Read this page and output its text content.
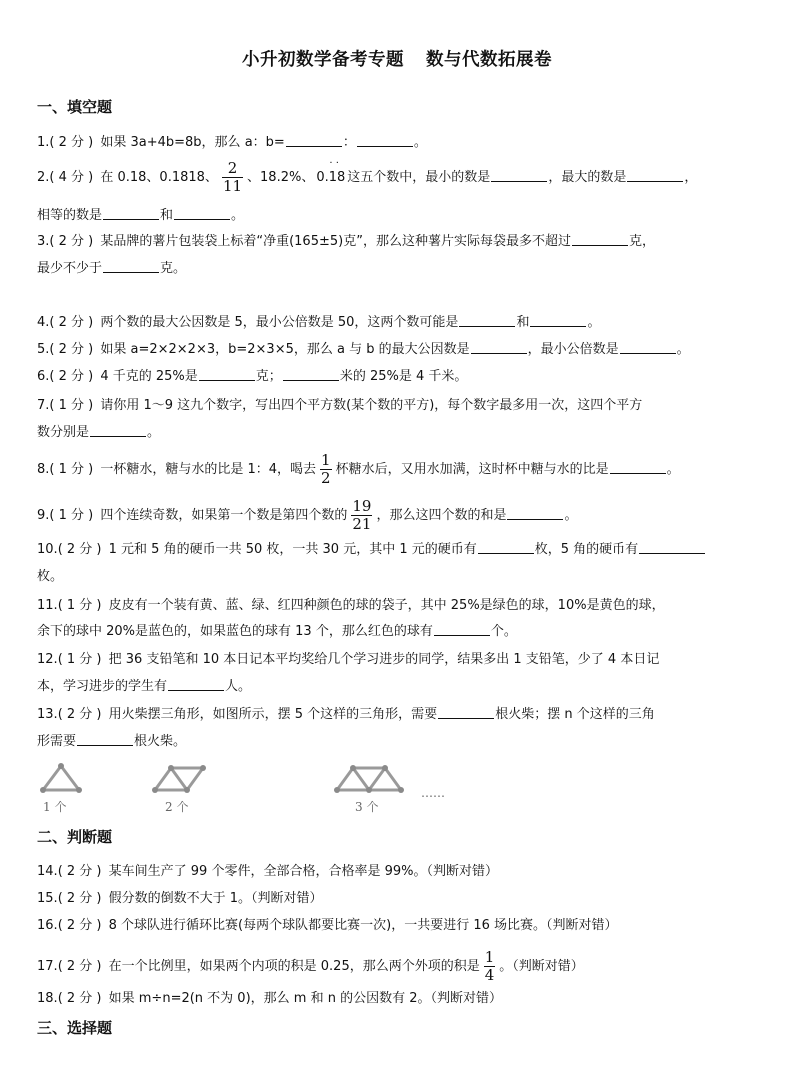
小升初数学备考专题 数与代数拓展卷
一、填空题
1.( 2 分 ) 如果 3a+4b=8b，那么 a：b=	：	。
2.( 4 分 ) 在 0.18、0.1818、 $\frac{2}{11}$ 、18.2%、 0.18
· ·
这五个数中，最小的数是	，最大的数是	，
相等的数是	和	。
3.( 2 分 ) 某品牌的薯片包装袋上标着“净重(165±5)克”，那么这种薯片实际每袋最多不超过	克，
最少不少于	克。
4.( 2 分 ) 两个数的最大公因数是 5，最小公倍数是 50，这两个数可能是	和	。
5.( 2 分 ) 如果 a=2×2×2×3，b=2×3×5，那么 a 与 b 的最大公因数是	，最小公倍数是	。
6.( 2 分 ) 4 千克的 25%是	克；	米的 25%是 4 千米。
7.( 1 分 ) 请你用 1～9 这九个数字，写出四个平方数(某个数的平方)，每个数字最多用一次，这四个平方
数分别是	。
8.( 1 分 ) 一杯糖水，糖与水的比是 1：4，喝去 $\frac{1}{2}$ 杯糖水后，又用水加满，这时杯中糖与水的比是	。
9.( 1 分 ) 四个连续奇数，如果第一个数是第四个数的 $\frac{19}{21}$ ，那么这四个数的和是	。
10.( 2 分 ) 1 元和 5 角的硬币一共 50 枚，一共 30 元，其中 1 元的硬币有	枚，5 角的硬币有
枚。
11.( 1 分 ) 皮皮有一个装有黄、蓝、绿、红四种颜色的球的袋子，其中 25%是绿色的球，10%是黄色的球，
余下的球中 20%是蓝色的，如果蓝色的球有 13 个，那么红色的球有	个。
12.( 1 分 ) 把 36 支铅笔和 10 本日记本平均奖给几个学习进步的同学，结果多出 1 支铅笔，少了 4 本日记
本，学习进步的学生有	人。
13.( 2 分 ) 用火柴摆三角形，如图所示，摆 5 个这样的三角形，需要	根火柴；摆 n 个这样的三角
形需要	根火柴。
1 个	2 个	3 个
……
二、判断题
14.( 2 分 ) 某车间生产了 99 个零件，全部合格，合格率是 99%。（判断对错）
15.( 2 分 ) 假分数的倒数不大于 1。（判断对错）
16.( 2 分 ) 8 个球队进行循环比赛(每两个球队都要比赛一次)，一共要进行 16 场比赛。（判断对错）
17.( 2 分 ) 在一个比例里，如果两个内项的积是 0.25，那么两个外项的积是 $\frac{1}{4}$ 。（判断对错）
18.( 2 分 ) 如果 m÷n=2(n 不为 0)，那么 m 和 n 的公因数有 2。（判断对错）
三、选择题
